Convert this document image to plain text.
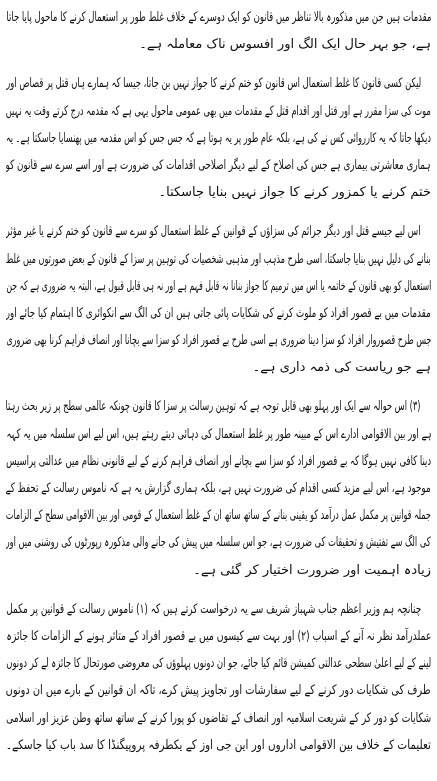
مقدمات ہیں جن میں مذکورہ بالا تناظر میں قانون کو ایک دوسرے کے خلاف غلط طور پر استعمال کرنے کا ماحول پایا جاتا
ہے، جو بہر حال ایک الگ اور افسوس ناک معاملہ ہے۔
لیکن کسی قانون کا غلط استعمال اس قانون کو ختم کرنے کا جواز نہیں بن جاتا، جیسا کہ ہمارے ہاں قتل پر قصاص اور
موت کی سزا مقرر ہے اور قتل اور اقدام قتل کے مقدمات میں بھی عمومی ماحول یہی ہے کہ مقدمہ درج کرتے وقت یہ نہیں
دیکھا جاتا کہ یہ کارروائی کس نے کی ہے، بلکہ عام طور پر یہ ہوتا ہے کہ جس جس کو اس مقدمہ میں پھنسایا جاسکتا ہے۔ یہ
ہماری معاشرتی بیماری ہے جس کی اصلاح کے لیے دیگر اصلاحی اقدامات کی ضرورت ہے اور اسے سرے سے قانون کو
ختم کرنے یا کمزور کرنے کا جواز نہیں بنایا جاسکتا۔
اس لیے جیسے قتل اور دیگر جرائم کی سزاؤں کے قوانین کے غلط استعمال کو سرے سے قانون کو ختم کرنے یا غیر مؤثر
بنانے کی دلیل نہیں بنایا جاسکتا، اسی طرح مذہب اور مذہبی شخصیات کی توہین پر سزا کے قانون کے بعض صورتوں میں غلط
استعمال کو بھی قانون کے خاتمہ یا اس میں ترمیم کا جواز بنانا نہ قابل فہم ہے اور نہ ہی قابل قبول ہے، البتہ یہ ضروری ہے کہ جن
مقدمات میں بے قصور افراد کو ملوث کرنے کی شکایات پائی جاتی ہیں ان کی الگ سے انکوائری کا اہتمام کیا جائے اور
جس طرح قصوروار افراد کو سزا دینا ضروری ہے اسی طرح بے قصور افراد کو سزا سے بچانا اور انصاف فراہم کرنا بھی ضروری
ہے جو ریاست کی ذمہ داری ہے۔
(۳) اس حوالہ سے ایک اور پہلو بھی قابل توجہ ہے کہ توہین رسالت پر سزا کا قانون چونکہ عالمی سطح پر زیر بحث رہتا
ہے اور بین الاقوامی ادارے اس کے مبینہ طور پر غلط استعمال کی دہائی دیتے رہتے ہیں، اس لیے اس سلسلہ میں یہ کہہ
دینا کافی نہیں ہوگا کہ بے قصور افراد کو سزا سے بچانے اور انصاف فراہم کرنے کے لیے قانونی نظام میں عدالتی پراسیس
موجود ہے، اس لیے مزید کسی اقدام کی ضرورت نہیں ہے، بلکہ ہماری گزارش یہ ہے کہ ناموس رسالت کے تحفظ کے
جملہ قوانین پر مکمل عمل درآمد کو یقینی بنانے کے ساتھ ساتھ ان کے غلط استعمال کے قومی اور بین الاقوامی سطح کے الزامات
کی الگ سے تفتیش و تحقیقات کی ضرورت ہے، جو اس سلسلہ میں پیش کی جانے والی مذکورہ رپورٹوں کی روشنی میں اور
زیادہ اہمیت اور ضرورت اختیار کر گئی ہے۔
چنانچہ ہم وزیر اعظم جناب شہباز شریف سے یہ درخواست کرتے ہیں کہ (۱) ناموس رسالت کے قوانین پر مکمل
عملدرآمد نظر نہ آنے کے اسباب (۲) اور بہت سے کیسوں میں بے قصور افراد کے متاثر ہونے کے الزامات کا جائزہ
لینے کے لیے اعلیٰ سطحی عدالتی کمیشن قائم کیا جائے، جو ان دونوں پہلوؤں کی معروضی صورتحال کا جائزہ لے کر دونوں
طرف کی شکایات دور کرنے کے لیے سفارشات اور تجاویز پیش کرے، تاکہ ان قوانین کے بارے میں ان دونوں
شکایات کو دور کر کے شریعت اسلامیہ اور انصاف کے تقاضوں کو پورا کرنے کے ساتھ ساتھ وطن عزیز اور اسلامی
تعلیمات کے خلاف بین الاقوامی اداروں اور این جی اوز کے یکطرفہ پروپیگنڈا کا سد باب کیا جاسکے۔
